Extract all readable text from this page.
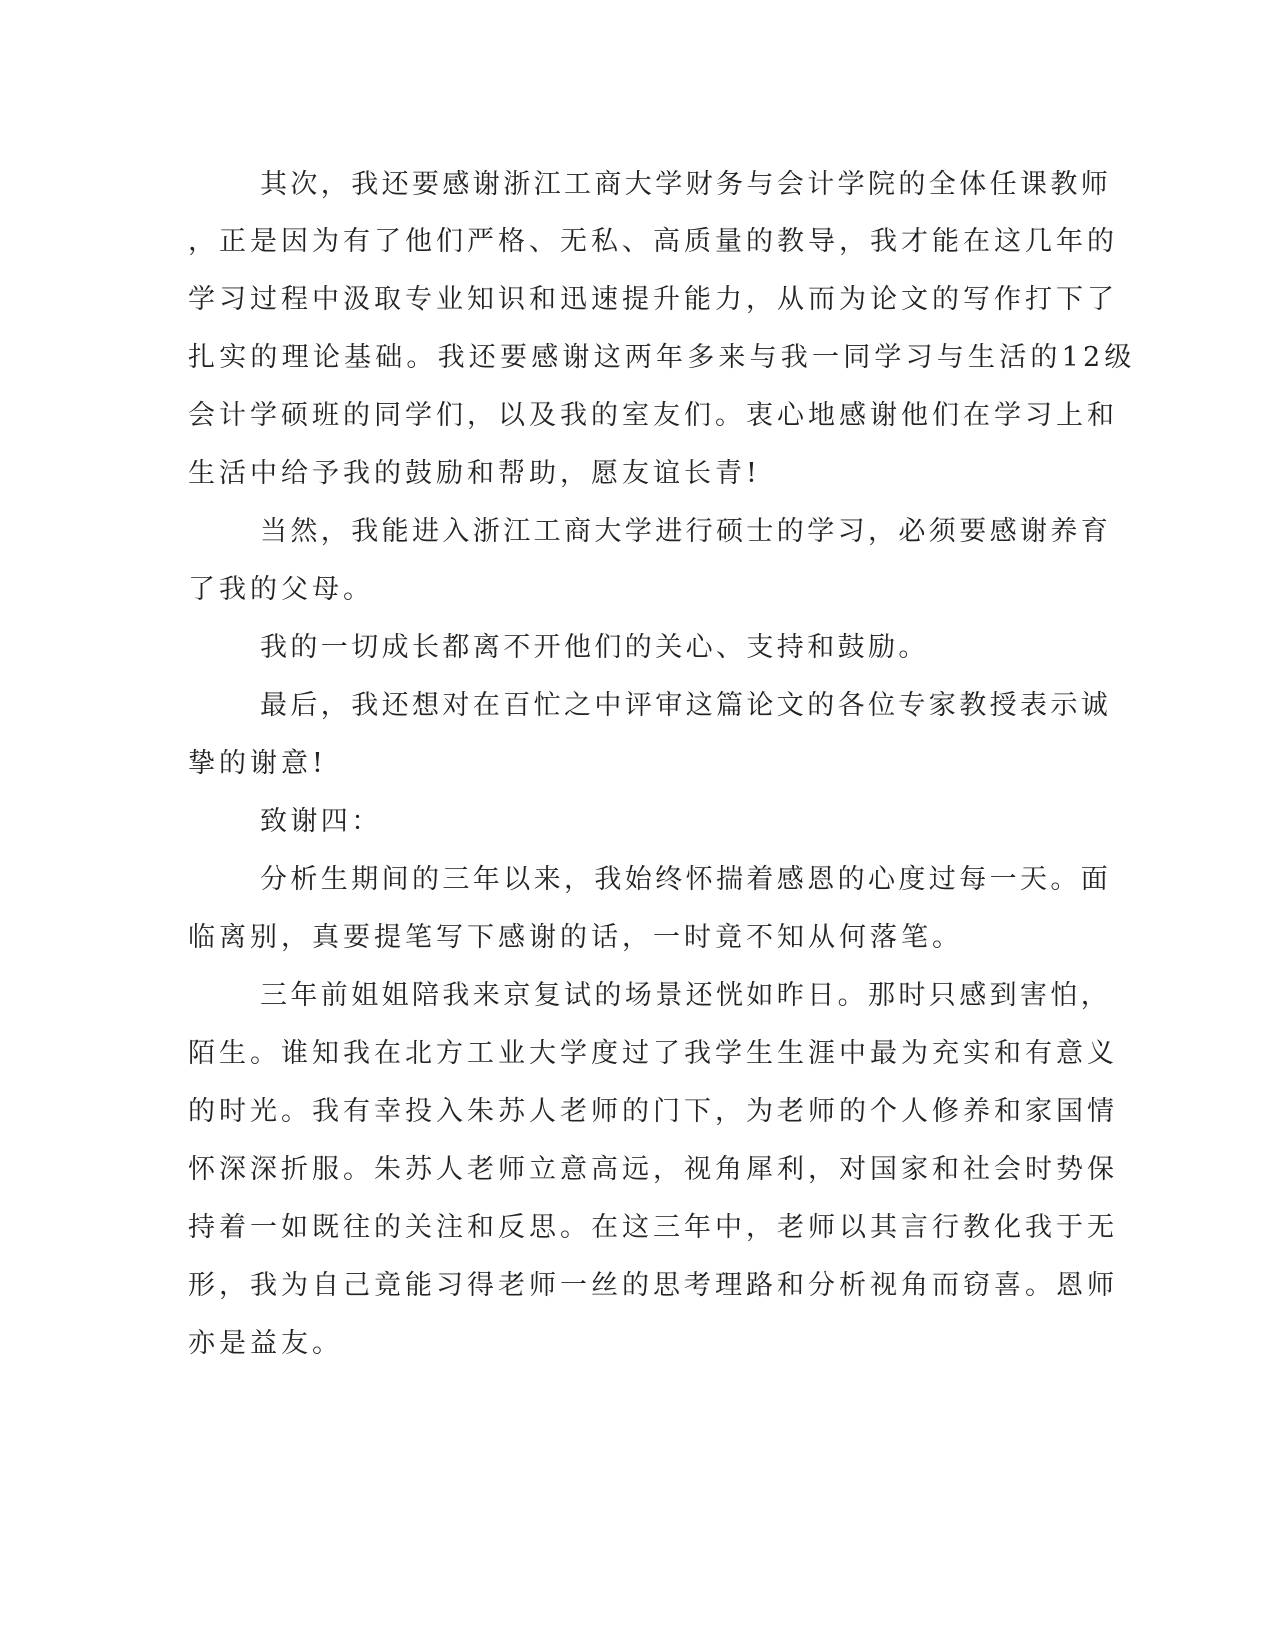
其次，我还要感谢浙江工商大学财务与会计学院的全体任课教师
，正是因为有了他们严格、无私、高质量的教导，我才能在这几年的
学习过程中汲取专业知识和迅速提升能力，从而为论文的写作打下了
扎实的理论基础。我还要感谢这两年多来与我一同学习与生活的12级
会计学硕班的同学们，以及我的室友们。衷心地感谢他们在学习上和
生活中给予我的鼓励和帮助，愿友谊长青!
当然，我能进入浙江工商大学进行硕士的学习，必须要感谢养育
了我的父母。
我的一切成长都离不开他们的关心、支持和鼓励。
最后，我还想对在百忙之中评审这篇论文的各位专家教授表示诚
挚的谢意!
致谢四：
分析生期间的三年以来，我始终怀揣着感恩的心度过每一天。面
临离别，真要提笔写下感谢的话，一时竟不知从何落笔。
三年前姐姐陪我来京复试的场景还恍如昨日。那时只感到害怕，
陌生。谁知我在北方工业大学度过了我学生生涯中最为充实和有意义
的时光。我有幸投入朱苏人老师的门下，为老师的个人修养和家国情
怀深深折服。朱苏人老师立意高远，视角犀利，对国家和社会时势保
持着一如既往的关注和反思。在这三年中，老师以其言行教化我于无
形，我为自己竟能习得老师一丝的思考理路和分析视角而窃喜。恩师
亦是益友。
